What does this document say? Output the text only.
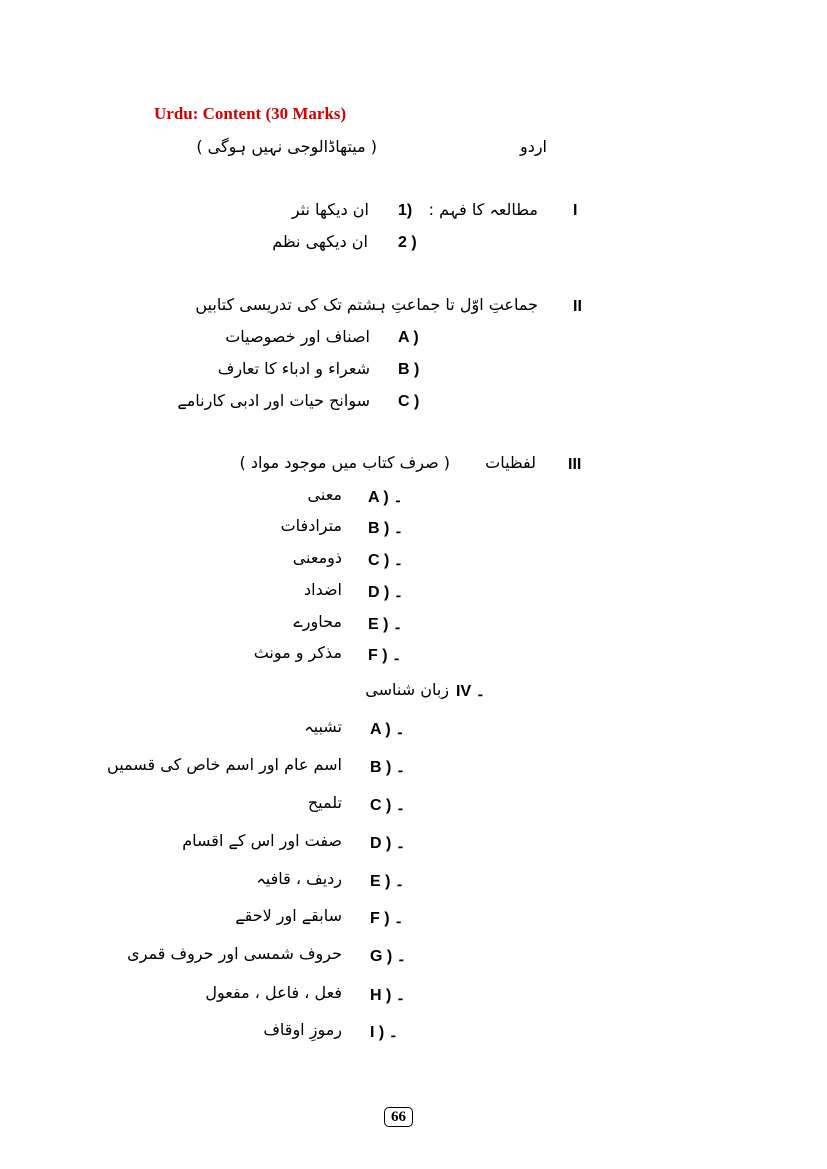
Urdu: Content (30 Marks)
( میتھاڈالوجی نہیں ہوگی )	اردو
I
مطالعہ کا فہم :
1)
ان دیکھا نثر
2 )
ان دیکھی نظم
II
جماعتِ اوّل تا جماعتِ ہشتم تک کی تدریسی کتابیں
A )
اصناف اور خصوصیات
B )
شعراء و ادباء کا تعارف
C )
سوانح حیات اور ادبی کارنامے
III
لفظیات
( صرف کتاب میں موجود مواد )
A ) ۔
معنی
B ) ۔
مترادفات
C ) ۔
ذومعنی
D ) ۔
اضداد
E ) ۔
محاورے
F ) ۔
مذکر و مونث
IV ۔
زبان شناسی
A ) ۔
تشبیہ
B ) ۔
اسم عام اور اسم خاص کی قسمیں
C ) ۔
تلمیح
D ) ۔
صفت اور اس کے اقسام
E ) ۔
ردیف ، قافیہ
F ) ۔
سابقے اور لاحقے
G ) ۔
حروف شمسی اور حروف قمری
H ) ۔
فعل ، فاعل ، مفعول
I ) ۔
رموزِ اوقاف
66
